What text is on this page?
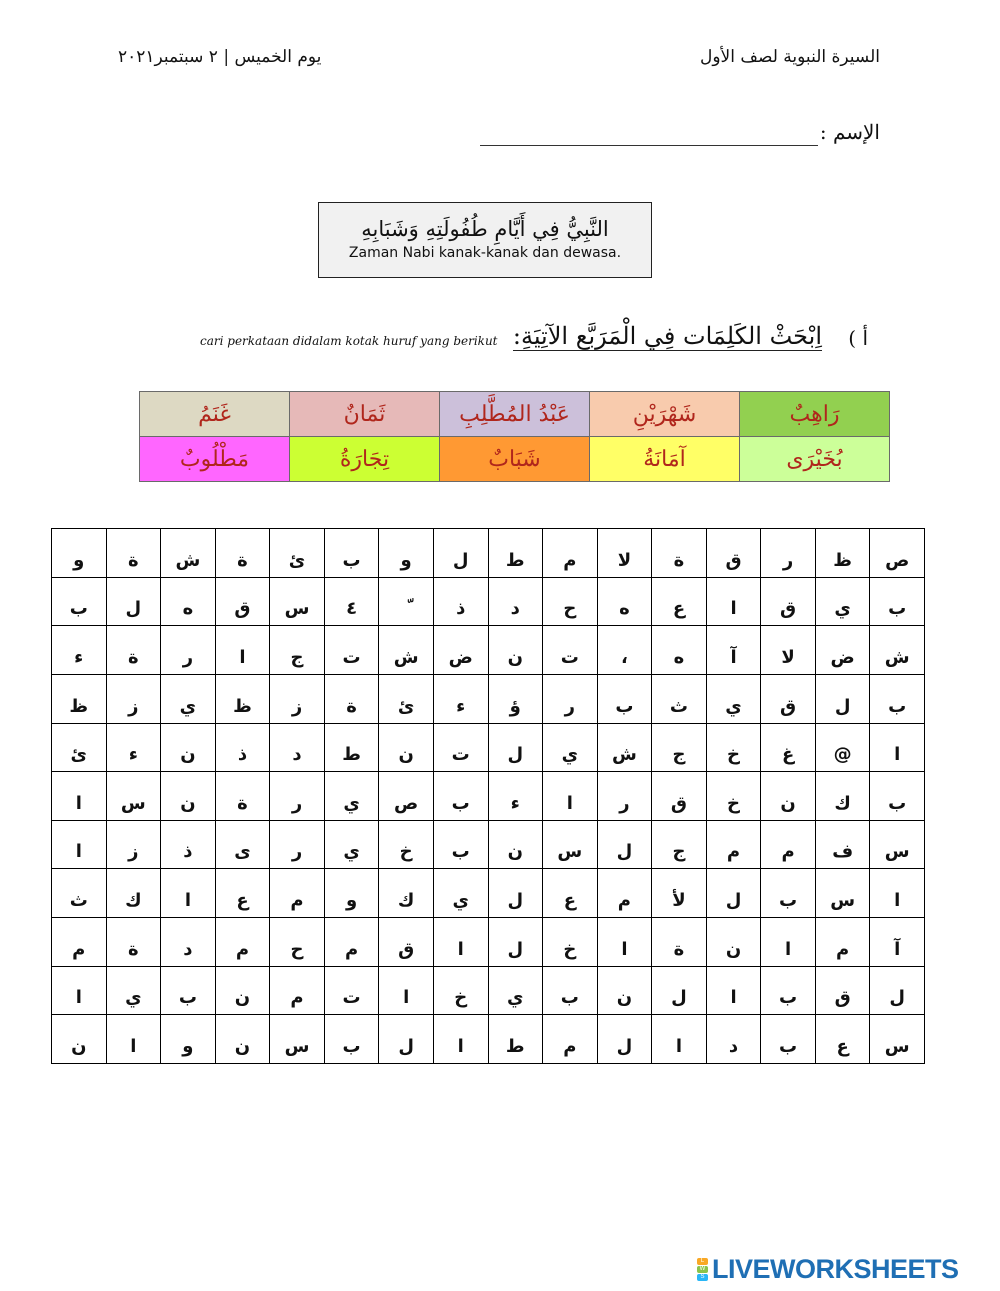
السيرة النبوية لصف الأول
يوم الخميس | ٢ سبتمبر٢٠٢١
الإسم :
النَّبِيُّ فِي أَيَّامِ طُفُولَتِهِ وَشَبَابِهِ
Zaman Nabi kanak-kanak dan dewasa.
أ )
اِبْحَثْ الكَلِمَات فِي الْمَرَبَّع الآتِيَةِ:
cari perkataan didalam kotak huruf yang berikut
رَاهِبٌ	شَهْرَيْنِ	عَبْدُ المُطَّلِبِ	ثَمَانٌ	غَنَمُ
بُخَيْرَى	آمَانَةُ	شَبَابٌ	تِجَارَةُ	مَطْلُوبٌ
ص	ظ	ر	ق	ة	لا	م	ط	ل	و	ب	ئ	ة	ش	ة	و
ب	ي	ق	ا	ع	ه	ح	د	ذ		٤	س	ق	ه	ل	ب
ش	ض	لا	آ	ه	،	ت	ن	ض	ش	ت	ج	ا	ر	ة	ء
ب	ل	ق	ي	ث	ب	ر	ؤ	ء	ئ	ة	ز	ظ	ي	ز	ظ
ا	@	غ	خ	ج	ش	ي	ل	ت	ن	ط	د	ذ	ن	ء	ئ
ب	ك	ن	خ	ق	ر	ا	ء	ب	ص	ي	ر	ة	ن	س	ا
س	ف	م	م	ج	ل	س	ن	ب	خ	ي	ر	ى	ذ	ز	ا
ا	س	ب	ل	لأ	م	ع	ل	ي	ك	و	م	ع	ا	ك	ث
آ	م	ا	ن	ة	ا	خ	ل	ا	ق	م	ح	م	د	ة	م
ل	ق	ب	ا	ل	ن	ب	ي	خ	ا	ت	م	ن	ب	ي	ا
س	ع	ب	د	ا	ل	م	ط	ا	ل	ب	س	ن	و	ا	ن
L
W
S LIVEWORKSHEETS
